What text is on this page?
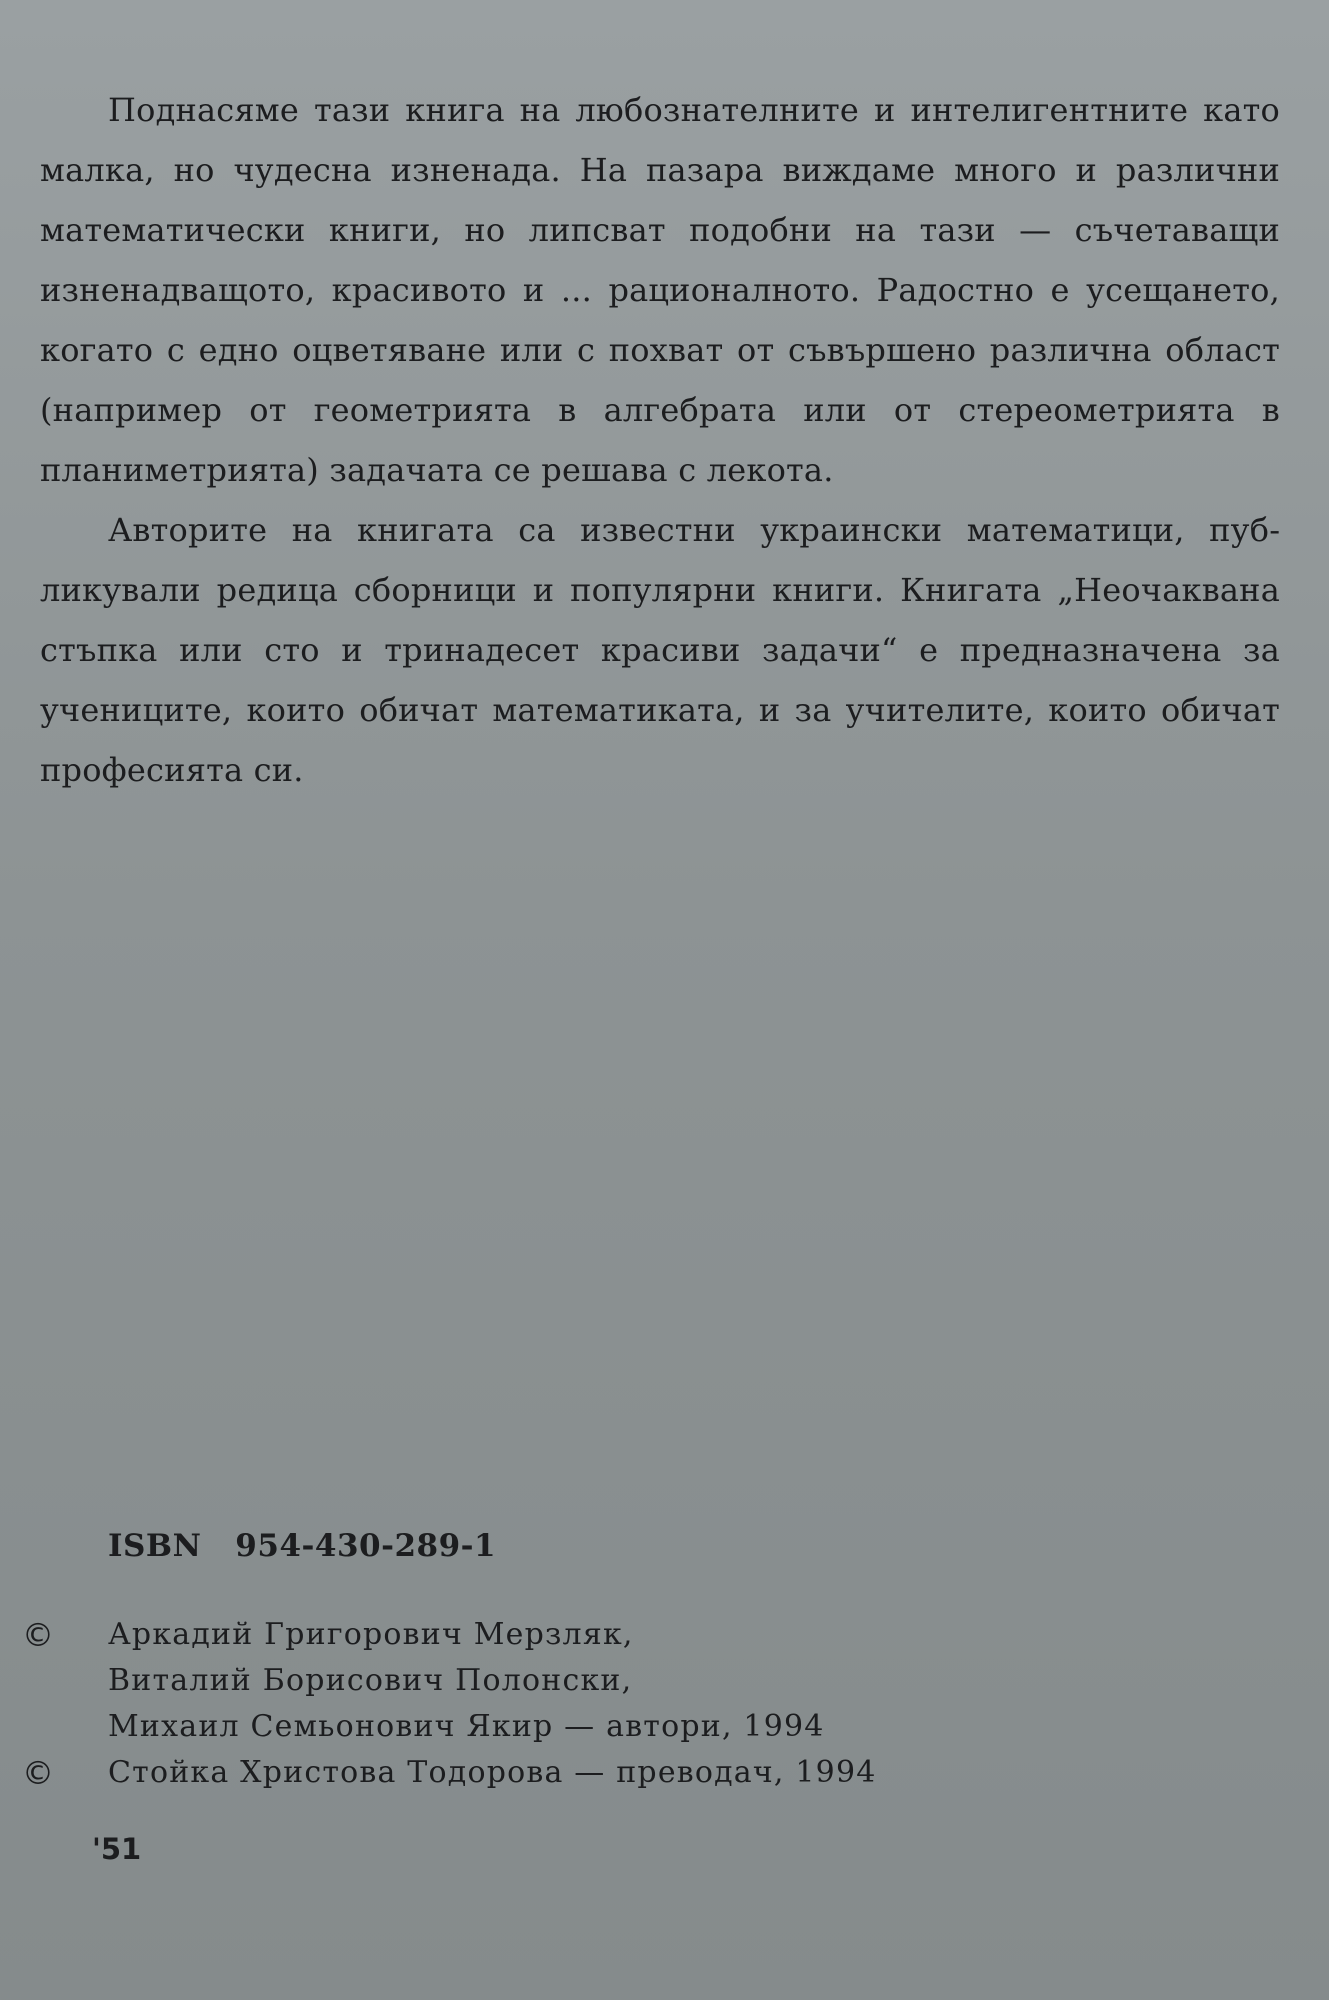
Поднасяме тази книга на любознателните и интелигентните като малка, но чудесна изненада. На пазара виждаме много и различни математически книги, но липсват подобни на тази — съчетаващи изненадващото, красивото и ... рационалното. Радостно е усещането, когато с едно оцветяване или с похват от съвършено различна област (например от геометрията в алгебрата или от стереометрията в планиметрията) задачата се решава с лекота.

Авторите на книгата са известни украински математици, публикували редица сборници и популярни книги. Книгата „Неочаквана стъпка или сто и тринадесет красиви задачи“ е предназначена за учениците, които обичат математиката, и за учителите, които обичат професията си.

ISBN   954-430-289-1
©	Аркадий Григорович Мерзляк,
Виталий Борисович Полонски,
Михаил Семьонович Якир — автори, 1994
©	Стойка Христова Тодорова — преводач, 1994
'51
